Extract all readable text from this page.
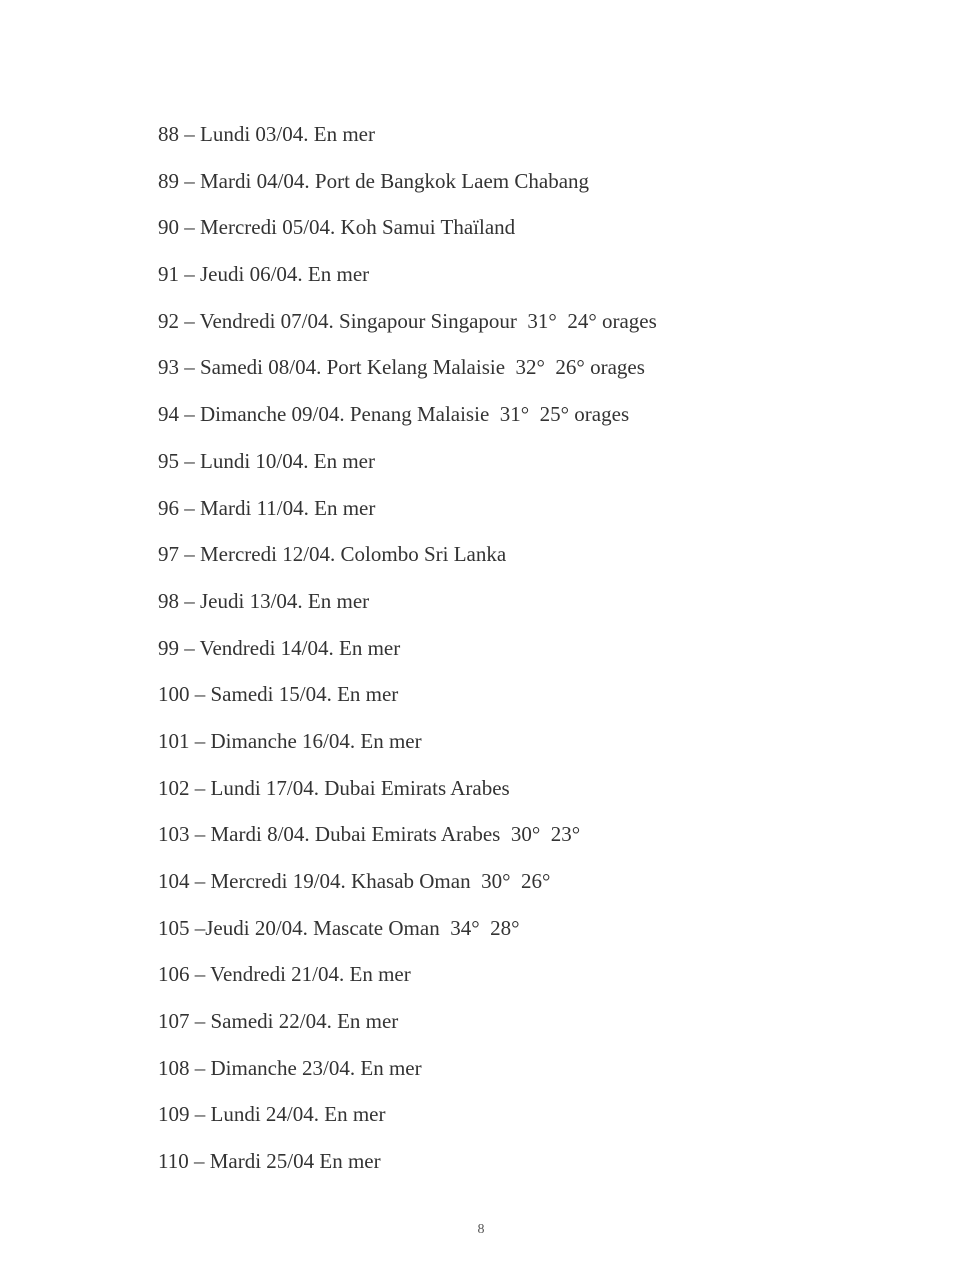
88 – Lundi 03/04. En mer
89 – Mardi 04/04. Port de Bangkok Laem Chabang
90 – Mercredi 05/04. Koh Samui Thaïland
91 – Jeudi 06/04. En mer
92 – Vendredi 07/04. Singapour Singapour  31°  24° orages
93 – Samedi 08/04. Port Kelang Malaisie  32°  26° orages
94 – Dimanche 09/04. Penang Malaisie  31°  25° orages
95 – Lundi 10/04. En mer
96 – Mardi 11/04. En mer
97 – Mercredi 12/04. Colombo Sri Lanka
98 – Jeudi 13/04. En mer
99 – Vendredi 14/04. En mer
100 – Samedi 15/04. En mer
101 – Dimanche 16/04. En mer
102 – Lundi 17/04. Dubai Emirats Arabes
103 – Mardi 8/04. Dubai Emirats Arabes  30°  23°
104 – Mercredi 19/04. Khasab Oman  30°  26°
105 –Jeudi 20/04. Mascate Oman  34°  28°
106 – Vendredi 21/04. En mer
107 – Samedi 22/04. En mer
108 – Dimanche 23/04. En mer
109 – Lundi 24/04. En mer
110 – Mardi 25/04 En mer
8
